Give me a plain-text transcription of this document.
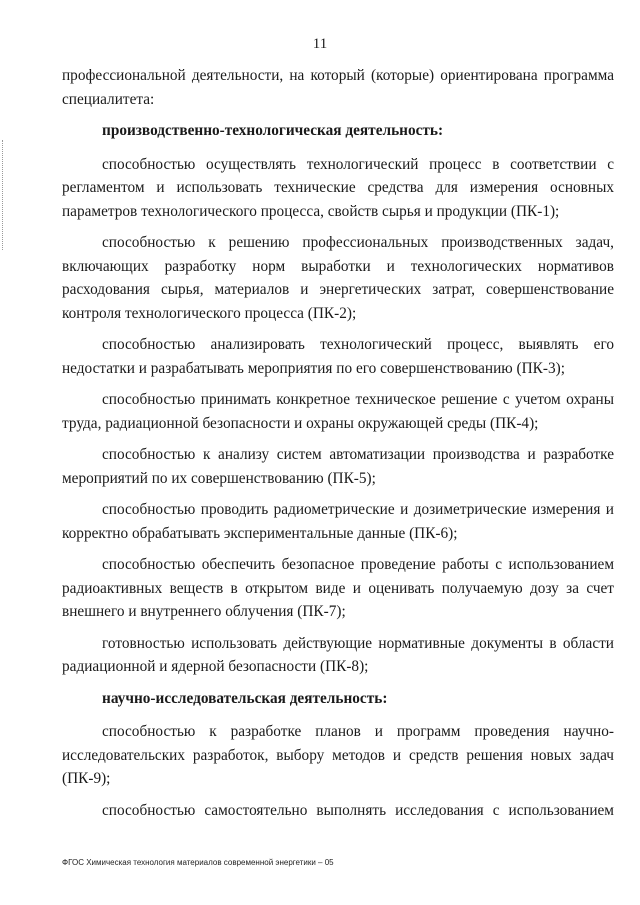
11

профессиональной деятельности, на который (которые) ориентирована программа специалитета:

производственно-технологическая деятельность:

способностью осуществлять технологический процесс в соответствии с регламентом и использовать технические средства для измерения основных параметров технологического процесса, свойств сырья и продукции (ПК-1);

способностью к решению профессиональных производственных задач, включающих разработку норм выработки и технологических нормативов расходования сырья, материалов и энергетических затрат, совершенствование контроля технологического процесса (ПК-2);

способностью анализировать технологический процесс, выявлять его недостатки и разрабатывать мероприятия по его совершенствованию (ПК-3);

способностью принимать конкретное техническое решение с учетом охраны труда, радиационной безопасности и охраны окружающей среды (ПК-4);

способностью к анализу систем автоматизации производства и разработке мероприятий по их совершенствованию (ПК-5);

способностью проводить радиометрические и дозиметрические измерения и корректно обрабатывать экспериментальные данные (ПК-6);

способностью обеспечить безопасное проведение работы с использованием радиоактивных веществ в открытом виде и оценивать получаемую дозу за счет внешнего и внутреннего облучения (ПК-7);

готовностью использовать действующие нормативные документы в области радиационной и ядерной безопасности (ПК-8);

научно-исследовательская деятельность:

способностью к разработке планов и программ проведения научно-исследовательских разработок, выбору методов и средств решения новых задач (ПК-9);

способностью самостоятельно выполнять исследования с использованием

ФГОС Химическая технология материалов современной энергетики – 05
